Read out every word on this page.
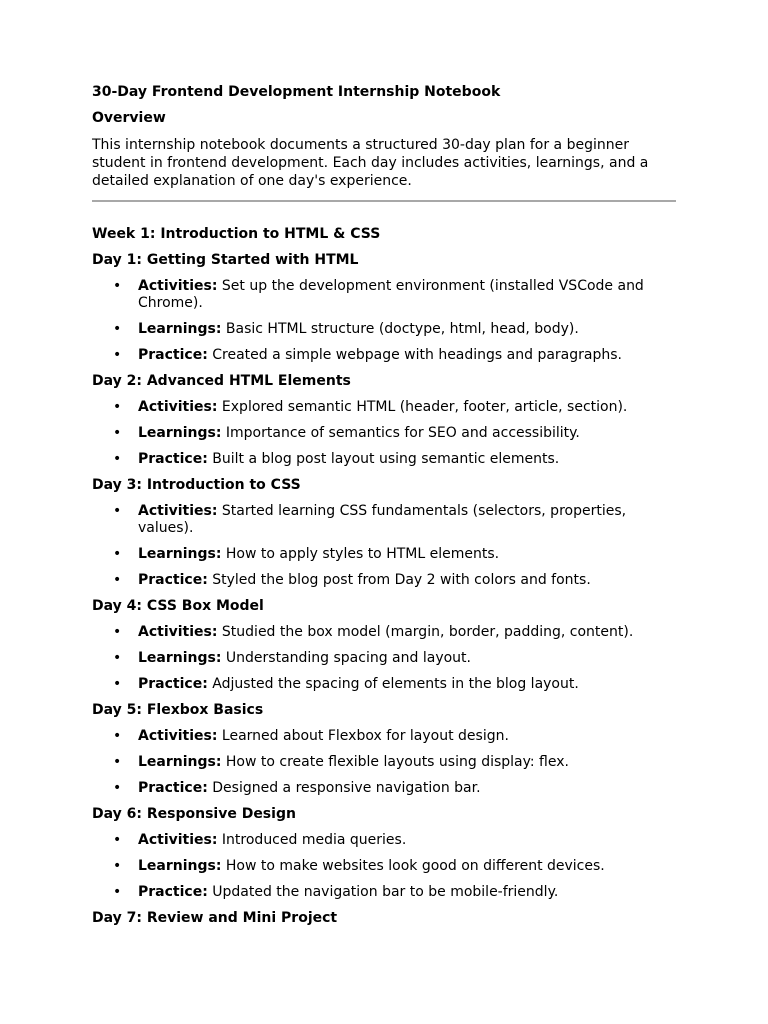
30-Day Frontend Development Internship Notebook
Overview
This internship notebook documents a structured 30-day plan for a beginner student in frontend development. Each day includes activities, learnings, and a detailed explanation of one day's experience.
Week 1: Introduction to HTML & CSS
Day 1: Getting Started with HTML
• Activities: Set up the development environment (installed VSCode and Chrome).
• Learnings: Basic HTML structure (doctype, html, head, body).
• Practice: Created a simple webpage with headings and paragraphs.
Day 2: Advanced HTML Elements
• Activities: Explored semantic HTML (header, footer, article, section).
• Learnings: Importance of semantics for SEO and accessibility.
• Practice: Built a blog post layout using semantic elements.
Day 3: Introduction to CSS
• Activities: Started learning CSS fundamentals (selectors, properties, values).
• Learnings: How to apply styles to HTML elements.
• Practice: Styled the blog post from Day 2 with colors and fonts.
Day 4: CSS Box Model
• Activities: Studied the box model (margin, border, padding, content).
• Learnings: Understanding spacing and layout.
• Practice: Adjusted the spacing of elements in the blog layout.
Day 5: Flexbox Basics
• Activities: Learned about Flexbox for layout design.
• Learnings: How to create flexible layouts using display: flex.
• Practice: Designed a responsive navigation bar.
Day 6: Responsive Design
• Activities: Introduced media queries.
• Learnings: How to make websites look good on different devices.
• Practice: Updated the navigation bar to be mobile-friendly.
Day 7: Review and Mini Project
